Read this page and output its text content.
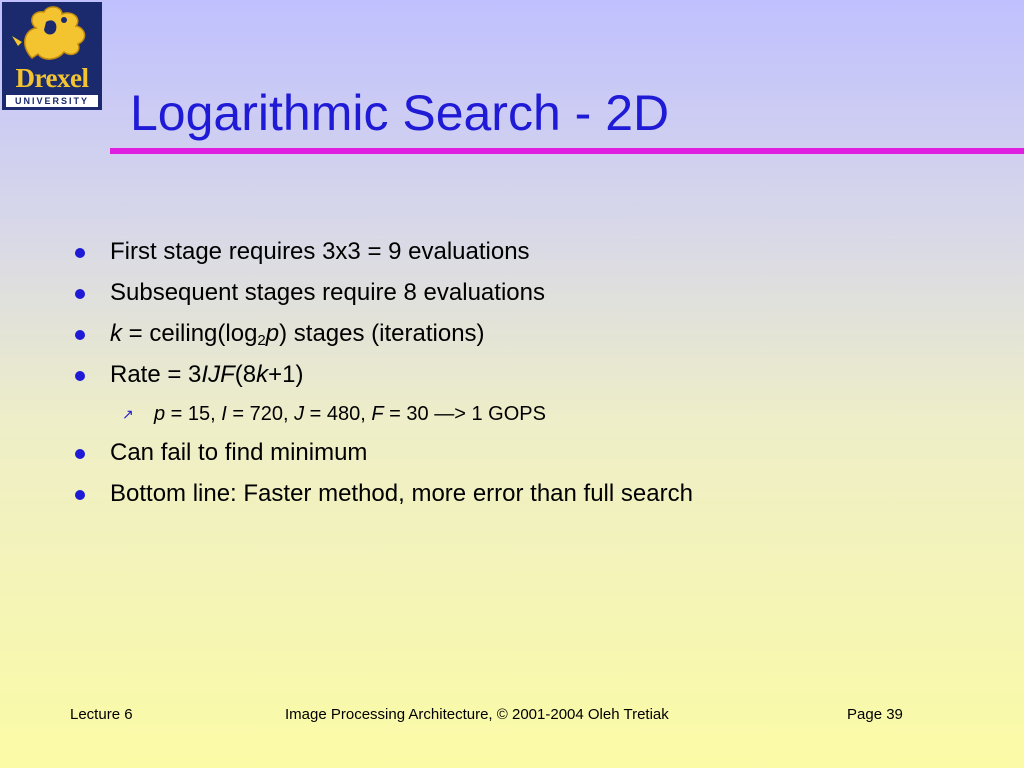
Drexel
UNIVERSITY Logarithmic Search - 2D
First stage requires 3x3 = 9 evaluations
Subsequent stages require 8 evaluations
$k = ceiling(\log_2p)$ stages (iterations)
Rate = 3IJF(8k+1)
↗ p = 15, I = 720, J = 480, F = 30 —> 1 GOPS
Can fail to find minimum
Bottom line: Faster method, more error than full search
Lecture 6	Image Processing Architecture, © 2001-2004 Oleh Tretiak	Page 39
